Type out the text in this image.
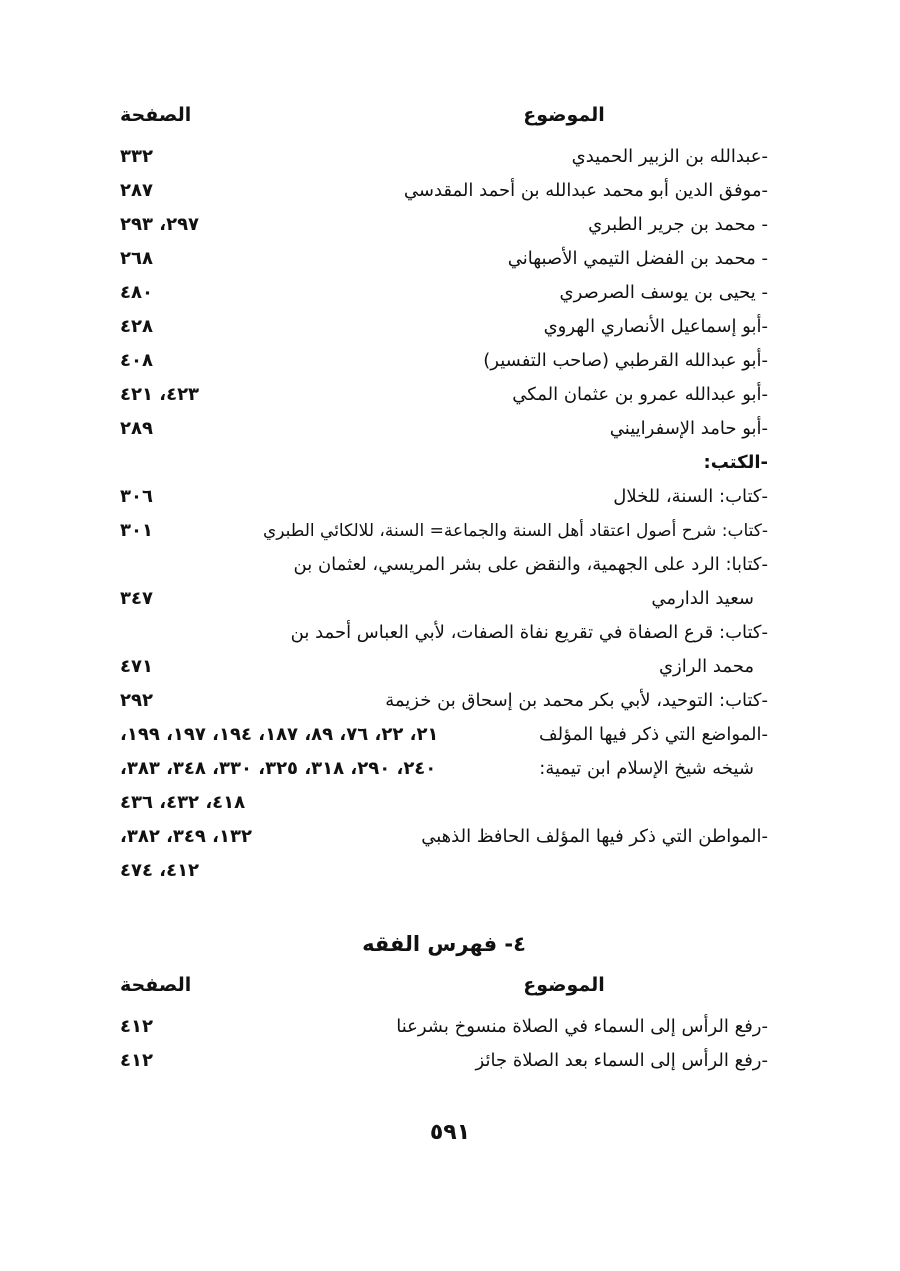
الموضوع
الصفحة
-عبدالله بن الزبير الحميدي
٣٣٢
-موفق الدين أبو محمد عبدالله بن أحمد المقدسي
٢٨٧
- محمد بن جرير الطبري
٢٩٧، ٢٩٣
- محمد بن الفضل التيمي الأصبهاني
٢٦٨
- يحيى بن يوسف الصرصري
٤٨٠
-أبو إسماعيل الأنصاري الهروي
٤٢٨
-أبو عبدالله القرطبي (صاحب التفسير)
٤٠٨
-أبو عبدالله عمرو بن عثمان المكي
٤٢٣، ٤٢١
-أبو حامد الإسفراييني
٢٨٩
-الكتب:
-كتاب: السنة، للخلال
٣٠٦
-كتاب: شرح أصول اعتقاد أهل السنة والجماعة= السنة، للالكائي الطبري
٣٠١
-كتابا: الرد على الجهمية، والنقض على بشر المريسي، لعثمان بن
سعيد الدارمي
٣٤٧
-كتاب: قرع الصفاة في تقريع نفاة الصفات، لأبي العباس أحمد بن
محمد الرازي
٤٧١
-كتاب: التوحيد، لأبي بكر محمد بن إسحاق بن خزيمة
٢٩٢
-المواضع التي ذكر فيها المؤلف
٢١، ٢٢، ٧٦، ٨٩، ١٨٧، ١٩٤، ١٩٧، ١٩٩،
شيخه شيخ الإسلام ابن تيمية:
٢٤٠، ٢٩٠، ٣١٨، ٣٢٥، ٣٣٠، ٣٤٨، ٣٨٣،
٤١٨، ٤٣٢، ٤٣٦
-المواطن التي ذكر فيها المؤلف الحافظ الذهبي
١٣٢، ٣٤٩، ٣٨٢،
٤١٢، ٤٧٤
٤- فهرس الفقه
الموضوع
الصفحة
-رفع الرأس إلى السماء في الصلاة منسوخ بشرعنا
٤١٢
-رفع الرأس إلى السماء بعد الصلاة جائز
٤١٢
٥٩١
